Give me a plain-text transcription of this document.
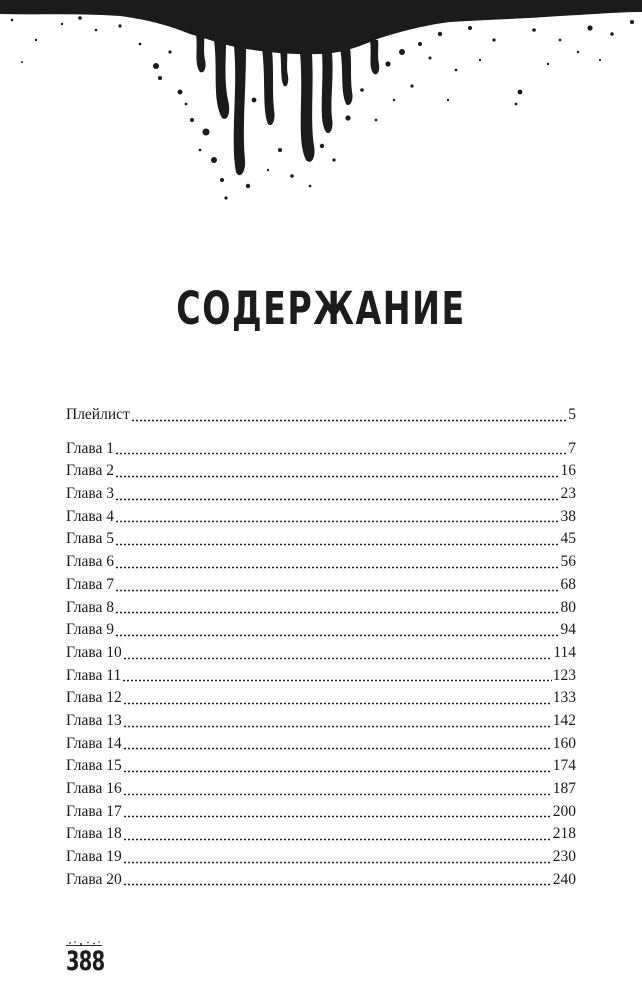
СОДЕРЖАНИЕ
Плейлист	5
Глава 1	7
Глава 2	16
Глава 3	23
Глава 4	38
Глава 5	45
Глава 6	56
Глава 7	68
Глава 8	80
Глава 9	94
Глава 10	114
Глава 11	123
Глава 12	133
Глава 13	142
Глава 14	160
Глава 15	174
Глава 16	187
Глава 17	200
Глава 18	218
Глава 19	230
Глава 20	240
388
